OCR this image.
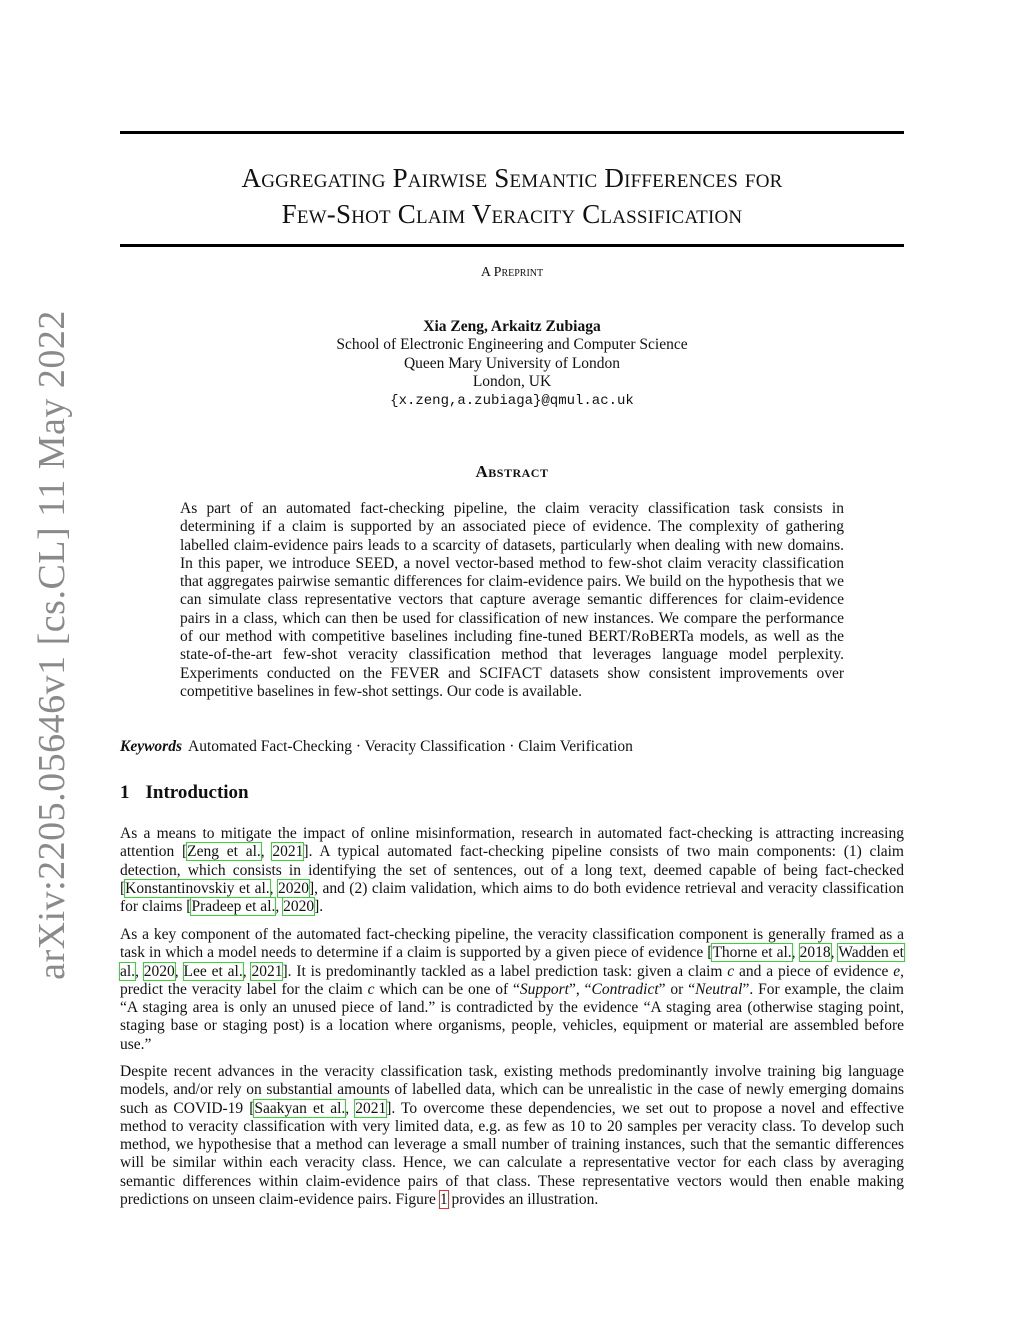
arXiv:2205.05646v1 [cs.CL] 11 May 2022
Aggregating Pairwise Semantic Differences for
Few-Shot Claim Veracity Classification
A Preprint
Xia Zeng, Arkaitz Zubiaga
School of Electronic Engineering and Computer Science
Queen Mary University of London
London, UK
{x.zeng,a.zubiaga}@qmul.ac.uk
Abstract
As part of an automated fact-checking pipeline, the claim veracity classification task consists in determining if a claim is supported by an associated piece of evidence. The complexity of gathering labelled claim-evidence pairs leads to a scarcity of datasets, particularly when dealing with new domains. In this paper, we introduce SEED, a novel vector-based method to few-shot claim veracity classification that aggregates pairwise semantic differences for claim-evidence pairs. We build on the hypothesis that we can simulate class representative vectors that capture average semantic differences for claim-evidence pairs in a class, which can then be used for classification of new instances. We compare the performance of our method with competitive baselines including fine-tuned BERT/RoBERTa models, as well as the state-of-the-art few-shot veracity classification method that leverages language model perplexity. Experiments conducted on the FEVER and SCIFACT datasets show consistent improvements over competitive baselines in few-shot settings. Our code is available.
Keywords Automated Fact-Checking · Veracity Classification · Claim Verification
1 Introduction
As a means to mitigate the impact of online misinformation, research in automated fact-checking is attracting increasing attention [Zeng et al., 2021]. A typical automated fact-checking pipeline consists of two main components: (1) claim detection, which consists in identifying the set of sentences, out of a long text, deemed capable of being fact-checked [Konstantinovskiy et al., 2020], and (2) claim validation, which aims to do both evidence retrieval and veracity classification for claims [Pradeep et al., 2020].
As a key component of the automated fact-checking pipeline, the veracity classification component is generally framed as a task in which a model needs to determine if a claim is supported by a given piece of evidence [Thorne et al., 2018, Wadden et al., 2020, Lee et al., 2021]. It is predominantly tackled as a label prediction task: given a claim c and a piece of evidence e, predict the veracity label for the claim c which can be one of “Support”, “Contradict” or “Neutral”. For example, the claim “A staging area is only an unused piece of land.” is contradicted by the evidence “A staging area (otherwise staging point, staging base or staging post) is a location where organisms, people, vehicles, equipment or material are assembled before use.”
Despite recent advances in the veracity classification task, existing methods predominantly involve training big language models, and/or rely on substantial amounts of labelled data, which can be unrealistic in the case of newly emerging domains such as COVID-19 [Saakyan et al., 2021]. To overcome these dependencies, we set out to propose a novel and effective method to veracity classification with very limited data, e.g. as few as 10 to 20 samples per veracity class. To develop such method, we hypothesise that a method can leverage a small number of training instances, such that the semantic differences will be similar within each veracity class. Hence, we can calculate a representative vector for each class by averaging semantic differences within claim-evidence pairs of that class. These representative vectors would then enable making predictions on unseen claim-evidence pairs. Figure 1 provides an illustration.
